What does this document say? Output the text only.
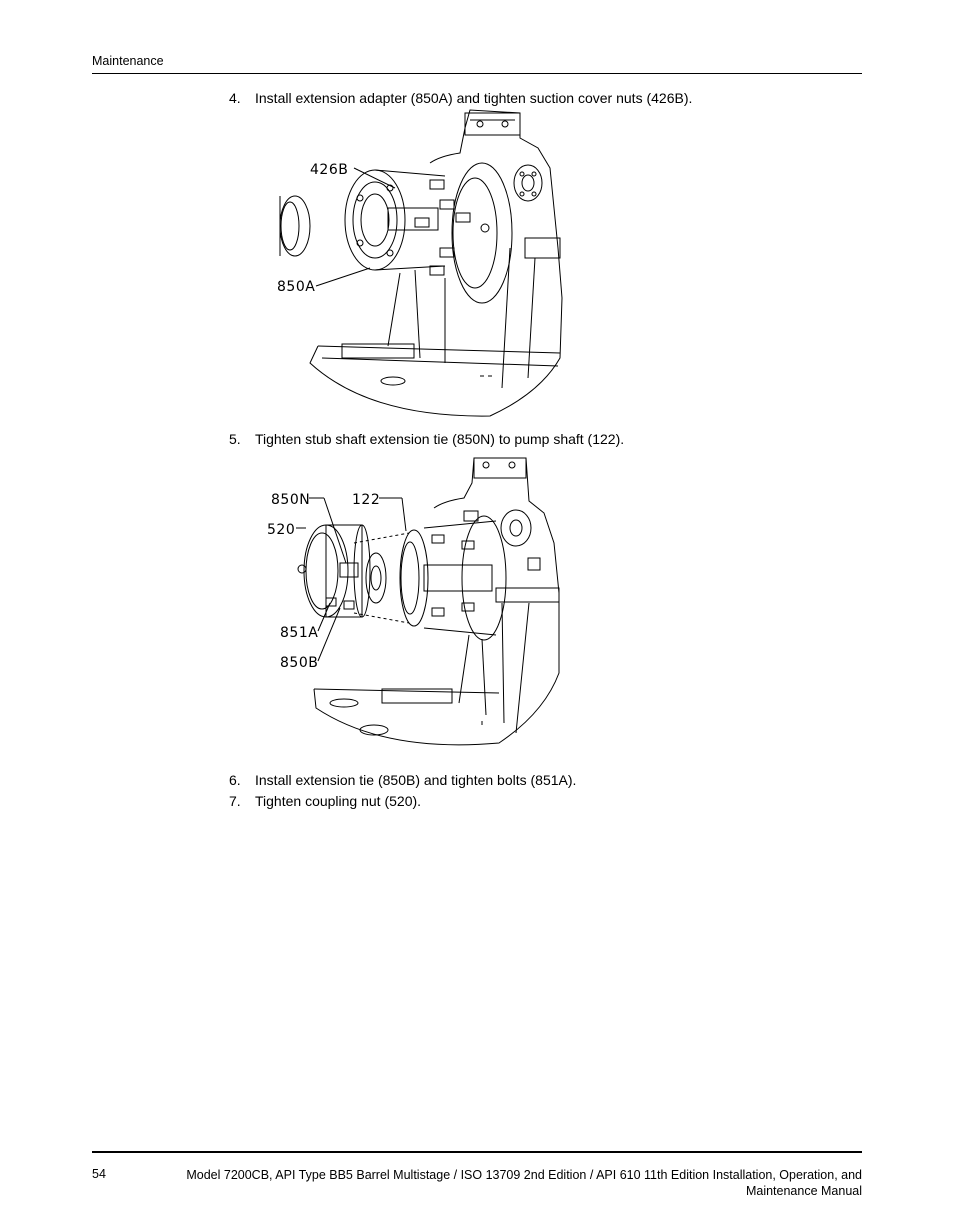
Maintenance
4. Install extension adapter (850A) and tighten suction cover nuts (426B).
426B
850A
5. Tighten stub shaft extension tie (850N) to pump shaft (122).
850N	122
520
851A
850B
6. Install extension tie (850B) and tighten bolts (851A).
7. Tighten coupling nut (520).
54	Model 7200CB, API Type BB5 Barrel Multistage / ISO 13709 2nd Edition / API 610 11th Edition Installation, Operation, and
Maintenance Manual
